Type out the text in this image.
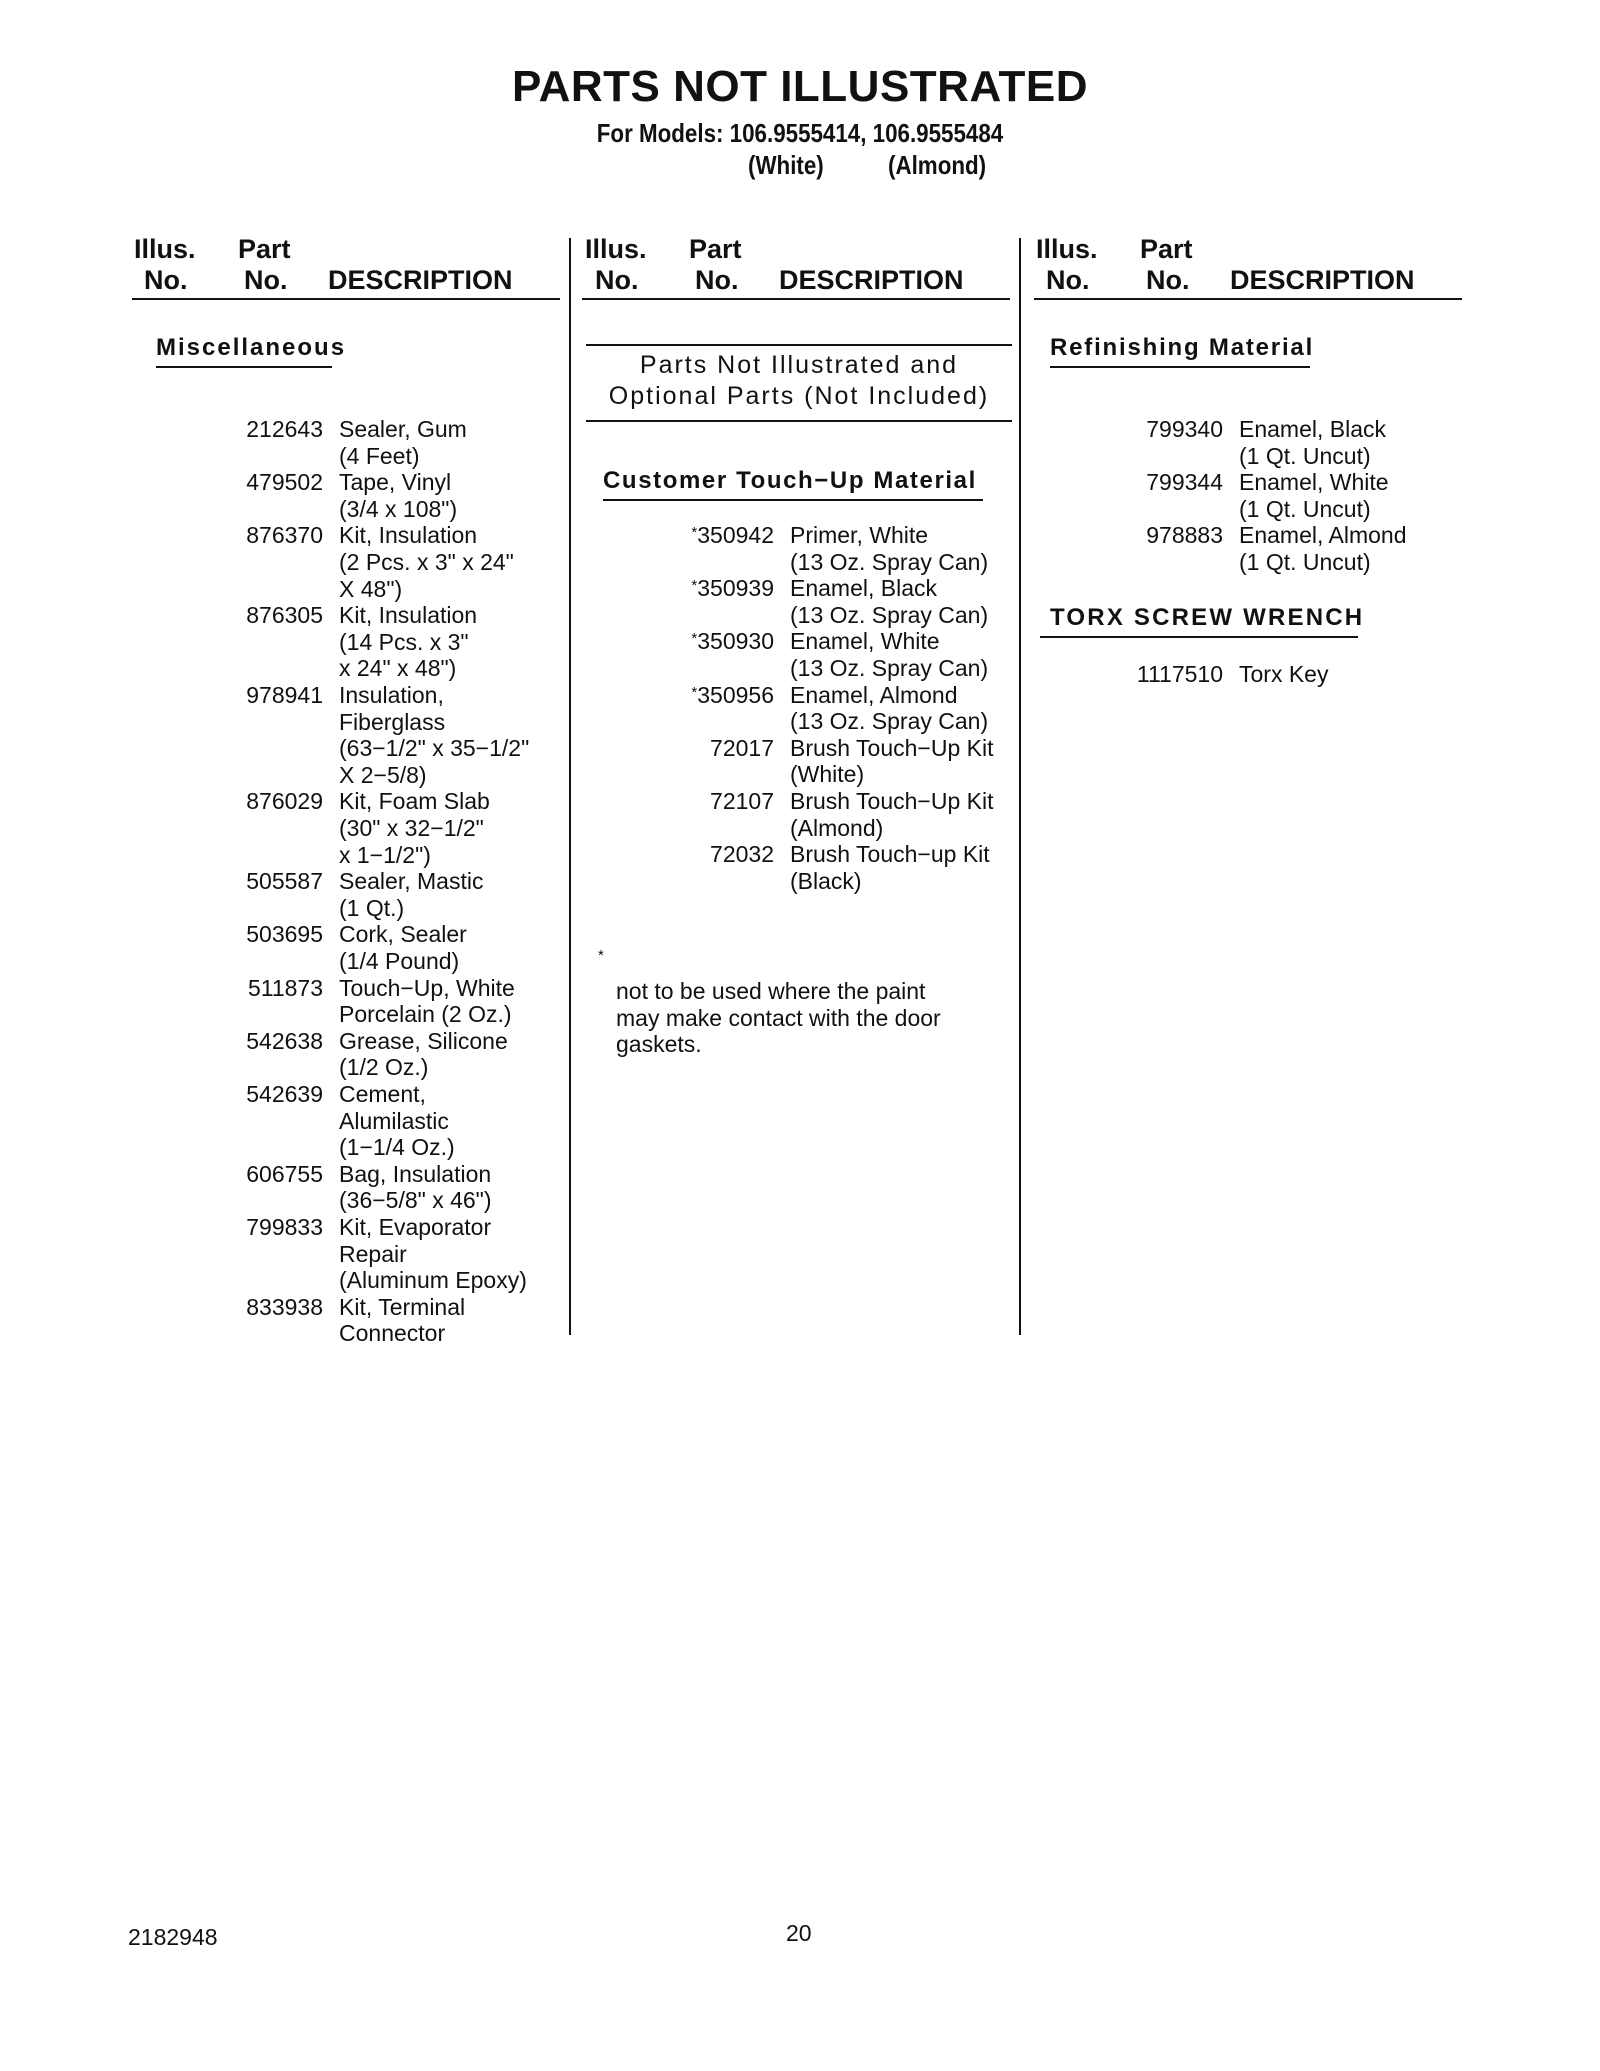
PARTS NOT ILLUSTRATED
For Models: 106.9555414, 106.9555484
(White) (Almond)
Illus.
No.
Part
No. DESCRIPTION
Illus.
No.
Part
No. DESCRIPTION
Illus.
No.
Part
No. DESCRIPTION
Miscellaneous
212643 Sealer, Gum
(4 Feet)
479502 Tape, Vinyl
(3/4 x 108")
876370 Kit, Insulation
(2 Pcs. x 3" x 24"
X 48")
876305 Kit, Insulation
(14 Pcs. x 3"
x 24" x 48")
978941 Insulation,
Fiberglass
(63−1/2" x 35−1/2"
X 2−5/8)
876029 Kit, Foam Slab
(30" x 32−1/2"
x 1−1/2")
505587 Sealer, Mastic
(1 Qt.)
503695 Cork, Sealer
(1/4 Pound)
511873 Touch−Up, White
Porcelain (2 Oz.)
542638 Grease, Silicone
(1/2 Oz.)
542639 Cement,
Alumilastic
(1−1/4 Oz.)
606755 Bag, Insulation
(36−5/8" x 46")
799833 Kit, Evaporator
Repair
(Aluminum Epoxy)
833938 Kit, Terminal
Connector
Parts Not Illustrated and
Optional Parts (Not Included)
Customer Touch−Up Material
*350942 Primer, White
(13 Oz. Spray Can)
*350939 Enamel, Black
(13 Oz. Spray Can)
*350930 Enamel, White
(13 Oz. Spray Can)
*350956 Enamel, Almond
(13 Oz. Spray Can)
72017 Brush Touch−Up Kit
(White)
72107 Brush Touch−Up Kit
(Almond)
72032 Brush Touch−up Kit
(Black)
*
not to be used where the paint
may make contact with the door
gaskets.
Refinishing Material
799340 Enamel, Black
(1 Qt. Uncut)
799344 Enamel, White
(1 Qt. Uncut)
978883 Enamel, Almond
(1 Qt. Uncut)
TORX SCREW WRENCH
1117510 Torx Key
2182948	20
